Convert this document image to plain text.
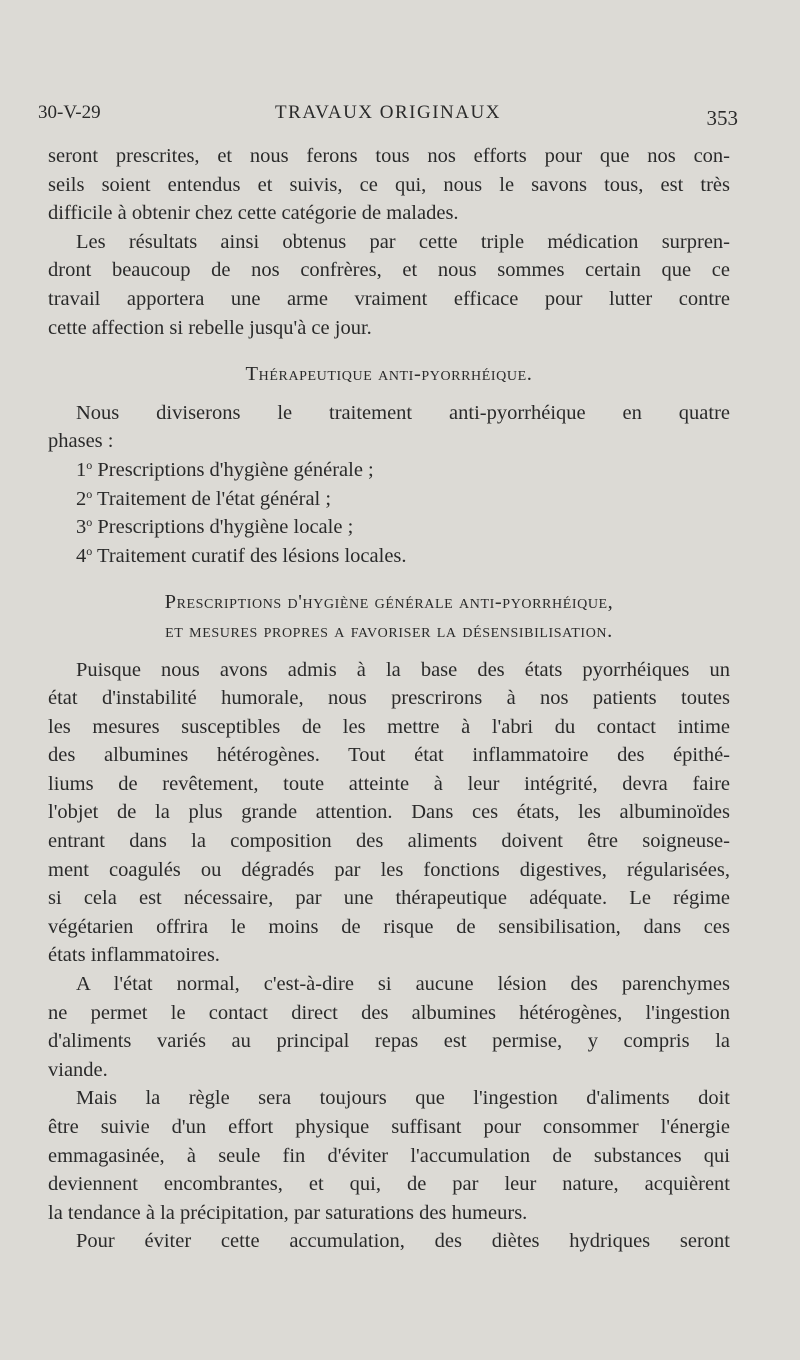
30-V-29	TRAVAUX ORIGINAUX	353
seront prescrites, et nous ferons tous nos efforts pour que nos con-
seils soient entendus et suivis, ce qui, nous le savons tous, est très
difficile à obtenir chez cette catégorie de malades.
Les résultats ainsi obtenus par cette triple médication surpren-
dront beaucoup de nos confrères, et nous sommes certain que ce
travail apportera une arme vraiment efficace pour lutter contre
cette affection si rebelle jusqu'à ce jour.
Thérapeutique anti-pyorrhéique.
Nous diviserons le traitement anti-pyorrhéique en quatre
phases :
1$^o$ Prescriptions d'hygiène générale ;
2$^o$ Traitement de l'état général ;
3$^o$ Prescriptions d'hygiène locale ;
4$^o$ Traitement curatif des lésions locales.
Prescriptions d'hygiène générale anti-pyorrhéique,
et mesures propres a favoriser la désensibilisation.
Puisque nous avons admis à la base des états pyorrhéiques un
état d'instabilité humorale, nous prescrirons à nos patients toutes
les mesures susceptibles de les mettre à l'abri du contact intime
des albumines hétérogènes. Tout état inflammatoire des épithé-
liums de revêtement, toute atteinte à leur intégrité, devra faire
l'objet de la plus grande attention. Dans ces états, les albuminoïdes
entrant dans la composition des aliments doivent être soigneuse-
ment coagulés ou dégradés par les fonctions digestives, régularisées,
si cela est nécessaire, par une thérapeutique adéquate. Le régime
végétarien offrira le moins de risque de sensibilisation, dans ces
états inflammatoires.
A l'état normal, c'est-à-dire si aucune lésion des parenchymes
ne permet le contact direct des albumines hétérogènes, l'ingestion
d'aliments variés au principal repas est permise, y compris la
viande.
Mais la règle sera toujours que l'ingestion d'aliments doit
être suivie d'un effort physique suffisant pour consommer l'énergie
emmagasinée, à seule fin d'éviter l'accumulation de substances qui
deviennent encombrantes, et qui, de par leur nature, acquièrent
la tendance à la précipitation, par saturations des humeurs.
Pour éviter cette accumulation, des diètes hydriques seront
